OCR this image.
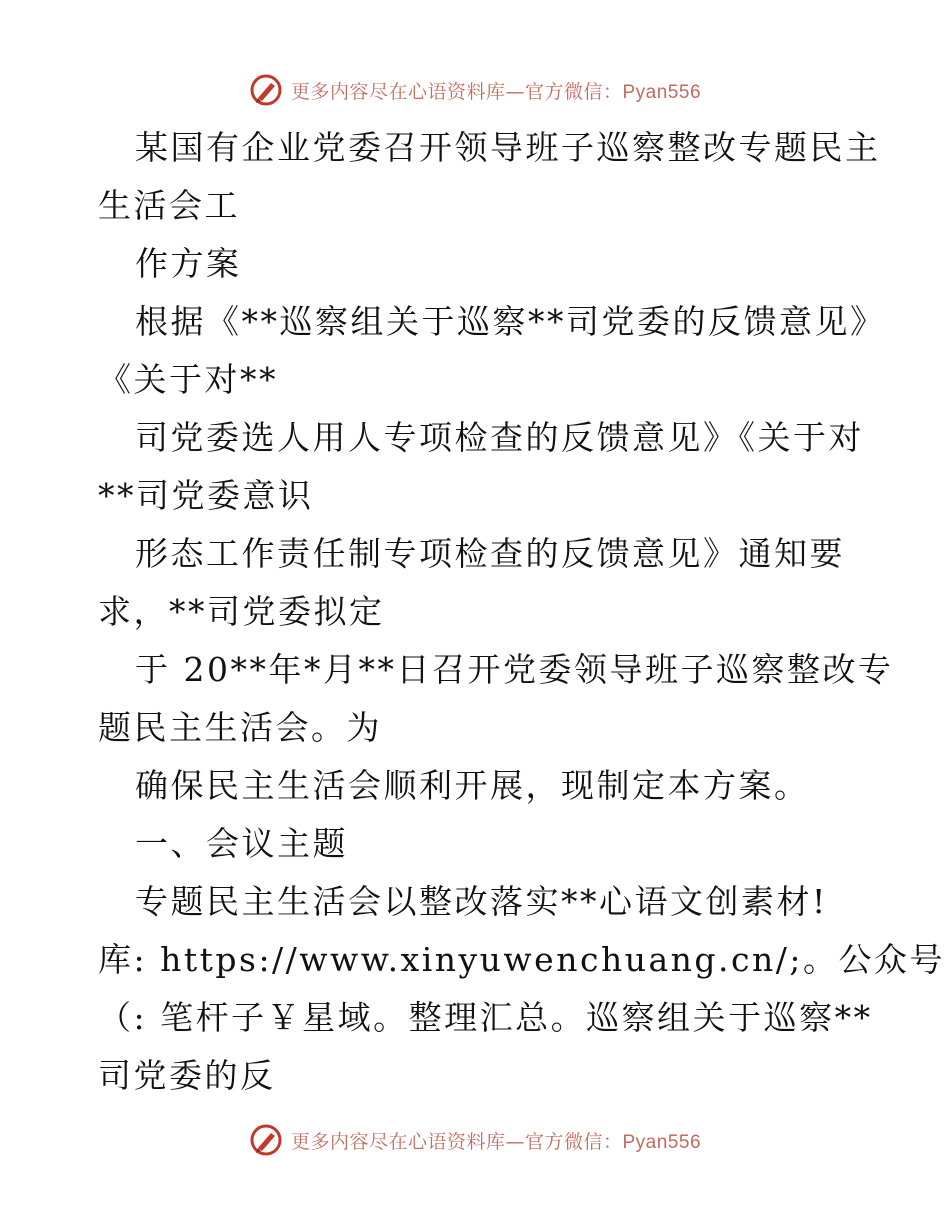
更多内容尽在心语资料库—官方微信：Pyan556
某国有企业党委召开领导班子巡察整改专题民主
生活会工
作方案
根据《**巡察组关于巡察**司党委的反馈意见》
《关于对**
司党委选人用人专项检查的反馈意见》《关于对
**司党委意识
形态工作责任制专项检查的反馈意见》通知要
求，**司党委拟定
于 20**年*月**日召开党委领导班子巡察整改专
题民主生活会。为
确保民主生活会顺利开展，现制定本方案。
一、会议主题
专题民主生活会以整改落实**心语文创素材!
库: https://www.xinyuwenchuang.cn/;。公众号
（: 笔杆子￥星域。整理汇总。巡察组关于巡察**
司党委的反
更多内容尽在心语资料库—官方微信：Pyan556
